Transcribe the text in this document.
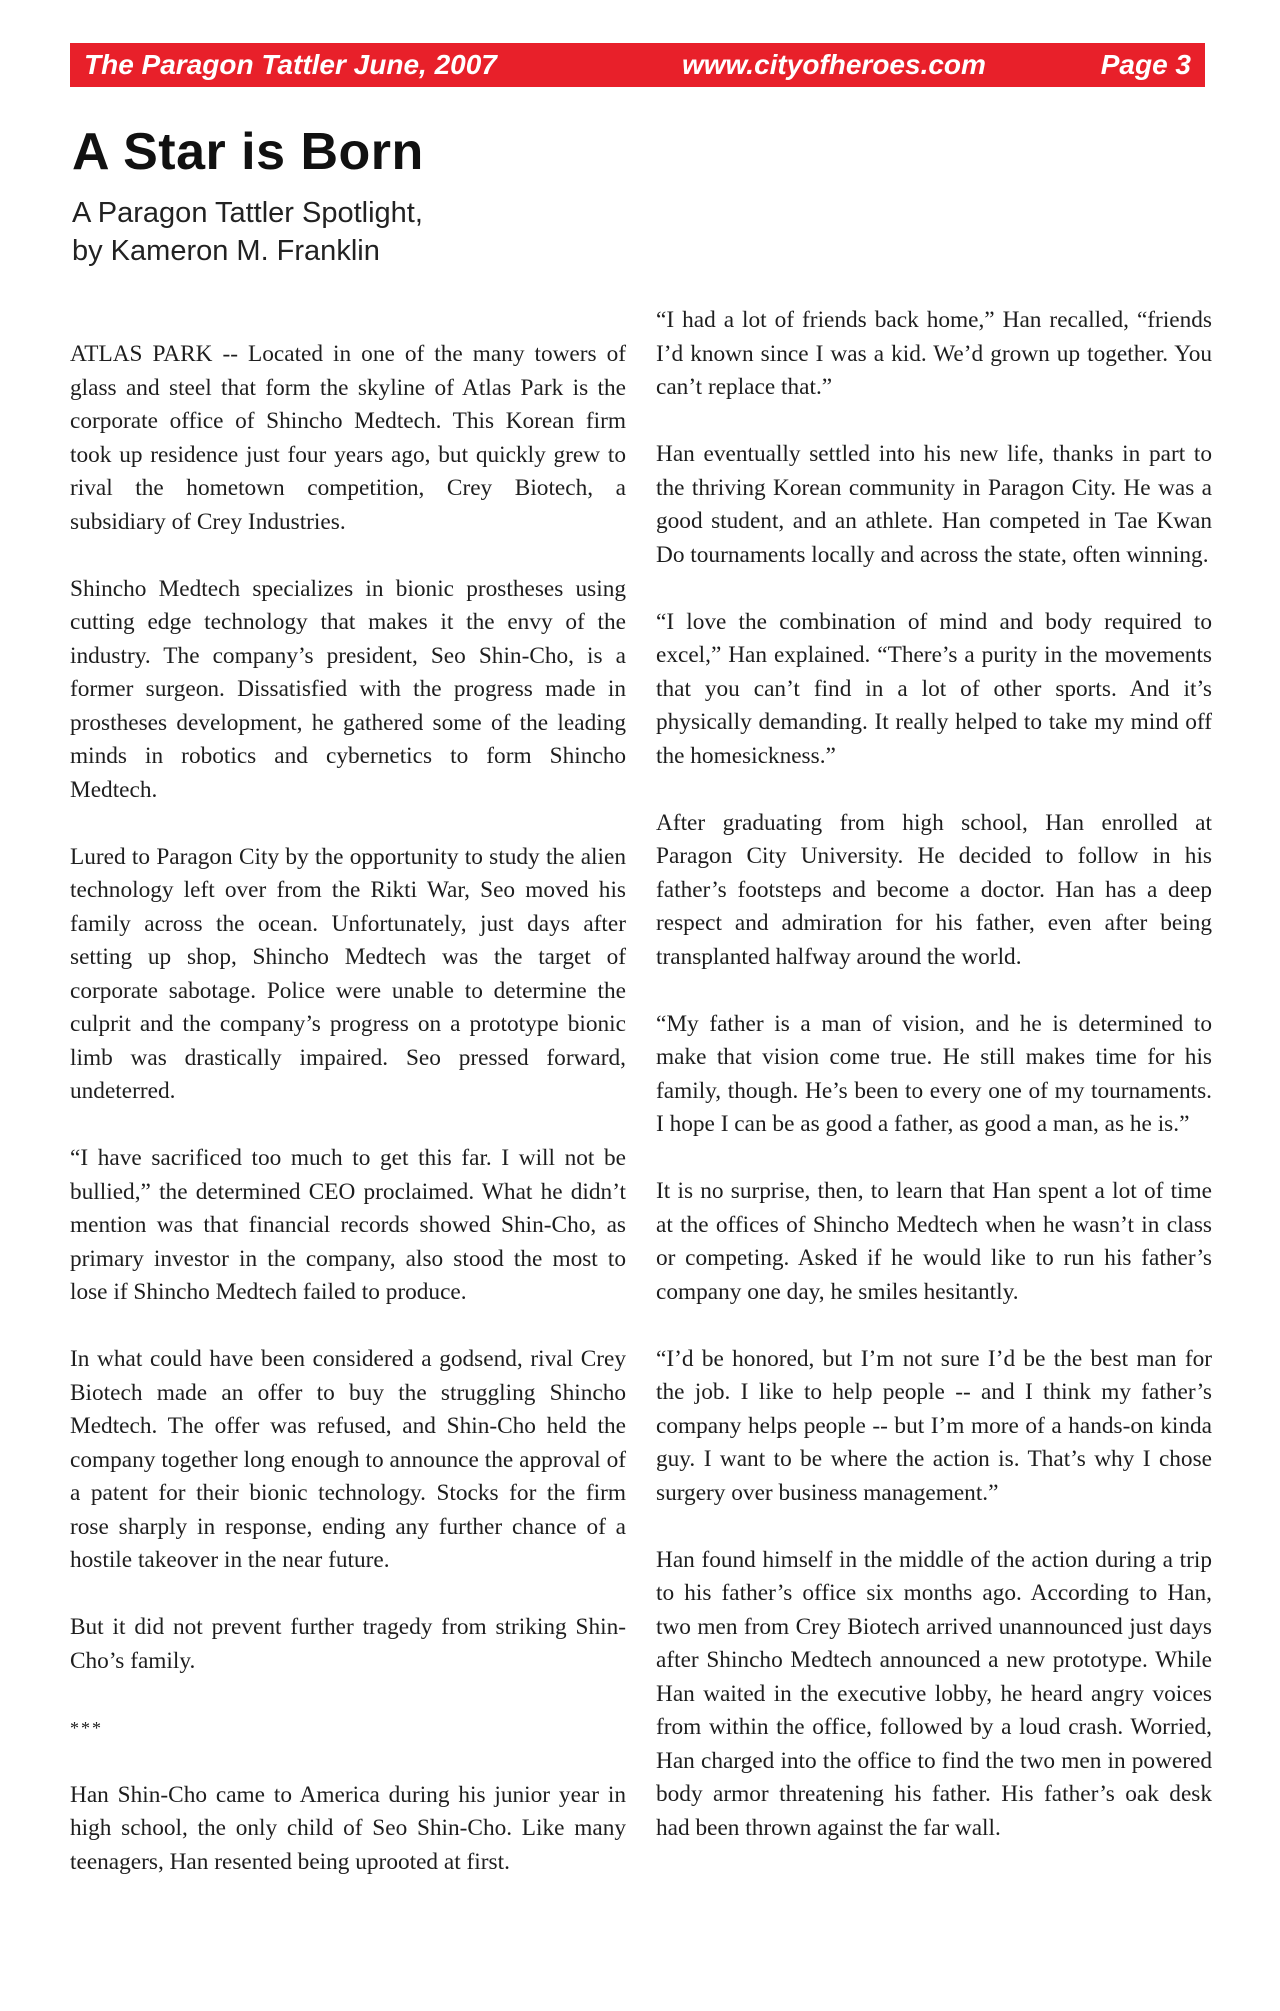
The Paragon Tattler June, 2007	www.cityofheroes.com	Page 3
A Star is Born
A Paragon Tattler Spotlight,
by Kameron M. Franklin

ATLAS PARK -- Located in one of the many towers of glass and steel that form the skyline of Atlas Park is the corporate office of Shincho Medtech. This Korean firm took up residence just four years ago, but quickly grew to rival the hometown competition, Crey Biotech, a subsidiary of Crey Industries.

Shincho Medtech specializes in bionic prostheses using cutting edge technology that makes it the envy of the industry. The company’s president, Seo Shin-Cho, is a former surgeon. Dissatisfied with the progress made in prostheses development, he gathered some of the leading minds in robotics and cybernetics to form Shincho Medtech.

Lured to Paragon City by the opportunity to study the alien technology left over from the Rikti War, Seo moved his family across the ocean. Unfortunately, just days after setting up shop, Shincho Medtech was the target of corporate sabotage. Police were unable to determine the culprit and the company’s progress on a prototype bionic limb was drastically impaired. Seo pressed forward, undeterred.

“I have sacrificed too much to get this far. I will not be bullied,” the determined CEO proclaimed. What he didn’t mention was that financial records showed Shin-Cho, as primary investor in the company, also stood the most to lose if Shincho Medtech failed to produce.

In what could have been considered a godsend, rival Crey Biotech made an offer to buy the struggling Shincho Medtech. The offer was refused, and Shin-Cho held the company together long enough to announce the approval of a patent for their bionic technology. Stocks for the firm rose sharply in response, ending any further chance of a hostile takeover in the near future.

But it did not prevent further tragedy from striking Shin-Cho’s family.

***

Han Shin-Cho came to America during his junior year in high school, the only child of Seo Shin-Cho. Like many teenagers, Han resented being uprooted at first.

“I had a lot of friends back home,” Han recalled, “friends I’d known since I was a kid. We’d grown up together. You can’t replace that.”

Han eventually settled into his new life, thanks in part to the thriving Korean community in Paragon City. He was a good student, and an athlete. Han competed in Tae Kwan Do tournaments locally and across the state, often winning.

“I love the combination of mind and body required to excel,” Han explained. “There’s a purity in the movements that you can’t find in a lot of other sports. And it’s physically demanding. It really helped to take my mind off the homesickness.”

After graduating from high school, Han enrolled at Paragon City University. He decided to follow in his father’s footsteps and become a doctor. Han has a deep respect and admiration for his father, even after being transplanted halfway around the world.

“My father is a man of vision, and he is determined to make that vision come true. He still makes time for his family, though. He’s been to every one of my tournaments. I hope I can be as good a father, as good a man, as he is.”

It is no surprise, then, to learn that Han spent a lot of time at the offices of Shincho Medtech when he wasn’t in class or competing. Asked if he would like to run his father’s company one day, he smiles hesitantly.

“I’d be honored, but I’m not sure I’d be the best man for the job. I like to help people -- and I think my father’s company helps people -- but I’m more of a hands-on kinda guy. I want to be where the action is. That’s why I chose surgery over business management.”

Han found himself in the middle of the action during a trip to his father’s office six months ago. According to Han, two men from Crey Biotech arrived unannounced just days after Shincho Medtech announced a new prototype. While Han waited in the executive lobby, he heard angry voices from within the office, followed by a loud crash. Worried, Han charged into the office to find the two men in powered body armor threatening his father. His father’s oak desk had been thrown against the far wall.
